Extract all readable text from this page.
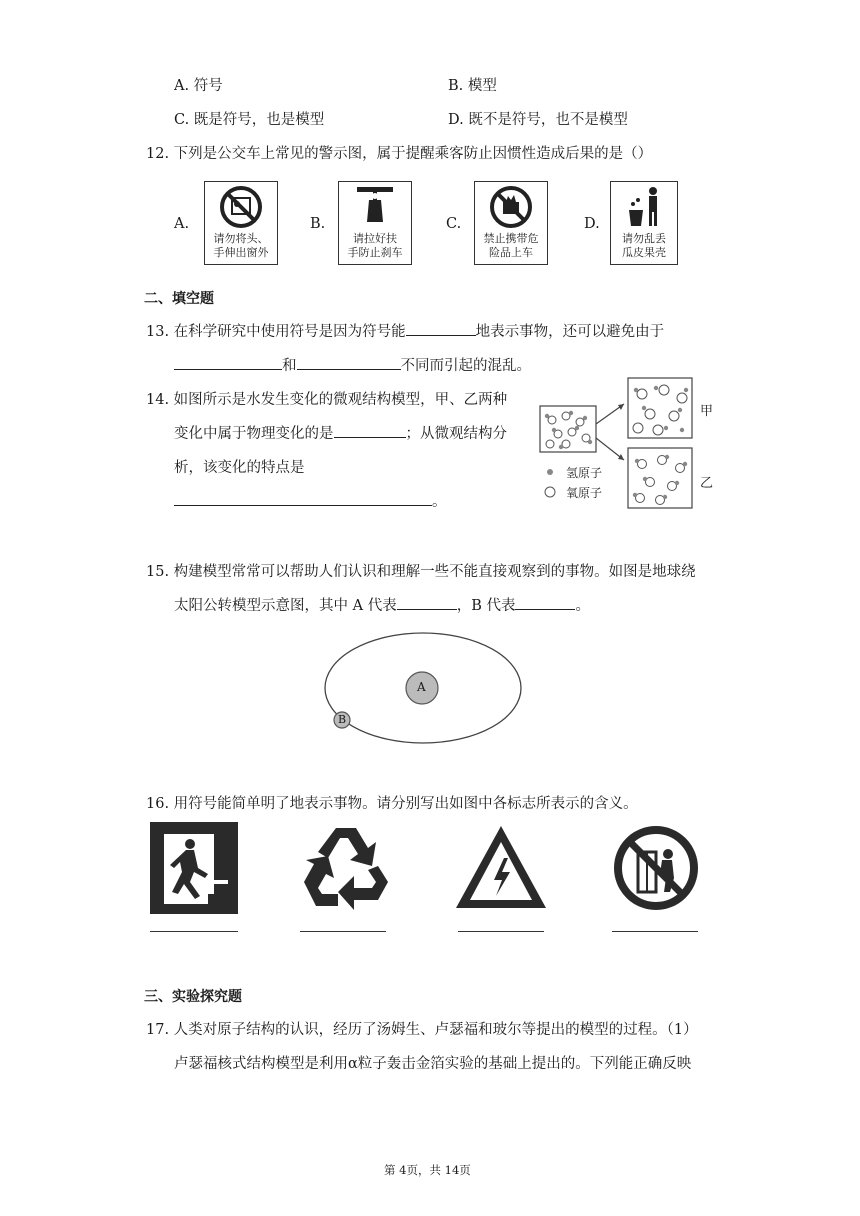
A. 符号	B. 模型
C. 既是符号，也是模型	D. 既不是符号，也不是模型
12. 下列是公交车上常见的警示图，属于提醒乘客防止因惯性造成后果的是（）
A.
请勿将头、
手伸出窗外
B.
请拉好扶
手防止刹车
C.
禁止携带危
险品上车
D.
请勿乱丢
瓜皮果壳
二、填空题
13. 在科学研究中使用符号是因为符号能	地表示事物，还可以避免由于
和	不同而引起的混乱。
14. 如图所示是水发生变化的微观结构模型，甲、乙两种
变化中属于物理变化的是	；从微观结构分
析，该变化的特点是
。
氢原子
氧原子
甲
乙
15. 构建模型常常可以帮助人们认识和理解一些不能直接观察到的事物。如图是地球绕
太阳公转模型示意图，其中 A 代表	，B 代表	。
A
B
16. 用符号能简单明了地表示事物。请分别写出如图中各标志所表示的含义。
三、实验探究题
17. 人类对原子结构的认识，经历了汤姆生、卢瑟福和玻尔等提出的模型的过程。（1）
卢瑟福核式结构模型是利用α粒子轰击金箔实验的基础上提出的。下列能正确反映
第 4页，共 14页
